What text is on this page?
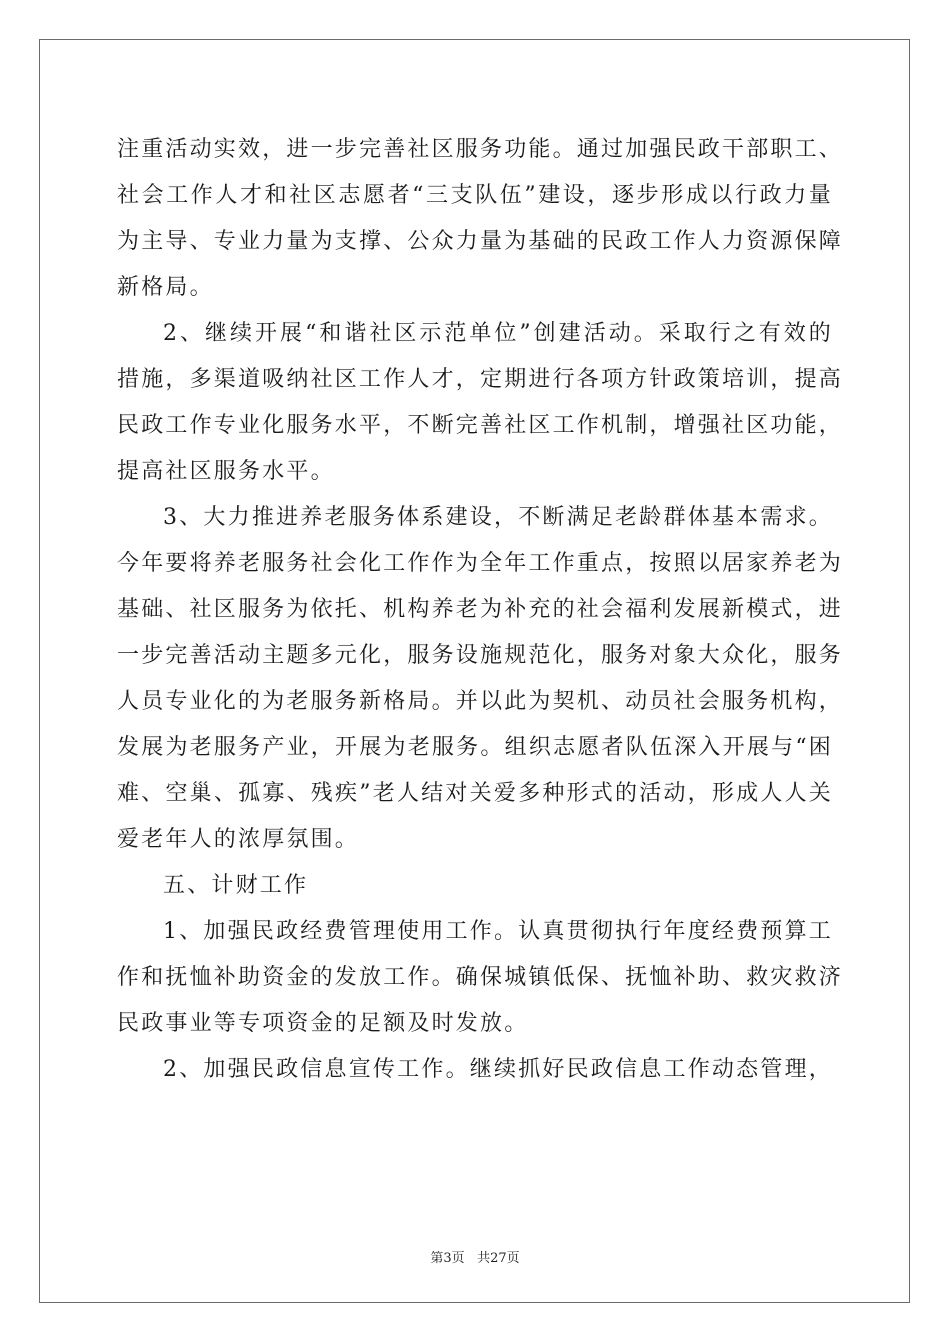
注重活动实效，进一步完善社区服务功能。通过加强民政干部职工、
社会工作人才和社区志愿者“三支队伍”建设，逐步形成以行政力量
为主导、专业力量为支撑、公众力量为基础的民政工作人力资源保障
新格局。

2、继续开展“和谐社区示范单位”创建活动。采取行之有效的
措施，多渠道吸纳社区工作人才，定期进行各项方针政策培训，提高
民政工作专业化服务水平，不断完善社区工作机制，增强社区功能，
提高社区服务水平。

3、大力推进养老服务体系建设，不断满足老龄群体基本需求。
今年要将养老服务社会化工作作为全年工作重点，按照以居家养老为
基础、社区服务为依托、机构养老为补充的社会福利发展新模式，进
一步完善活动主题多元化，服务设施规范化，服务对象大众化，服务
人员专业化的为老服务新格局。并以此为契机、动员社会服务机构，
发展为老服务产业，开展为老服务。组织志愿者队伍深入开展与“困
难、空巢、孤寡、残疾”老人结对关爱多种形式的活动，形成人人关
爱老年人的浓厚氛围。

五、计财工作

1、加强民政经费管理使用工作。认真贯彻执行年度经费预算工
作和抚恤补助资金的发放工作。确保城镇低保、抚恤补助、救灾救济
民政事业等专项资金的足额及时发放。

2、加强民政信息宣传工作。继续抓好民政信息工作动态管理，

第3页 共27页
